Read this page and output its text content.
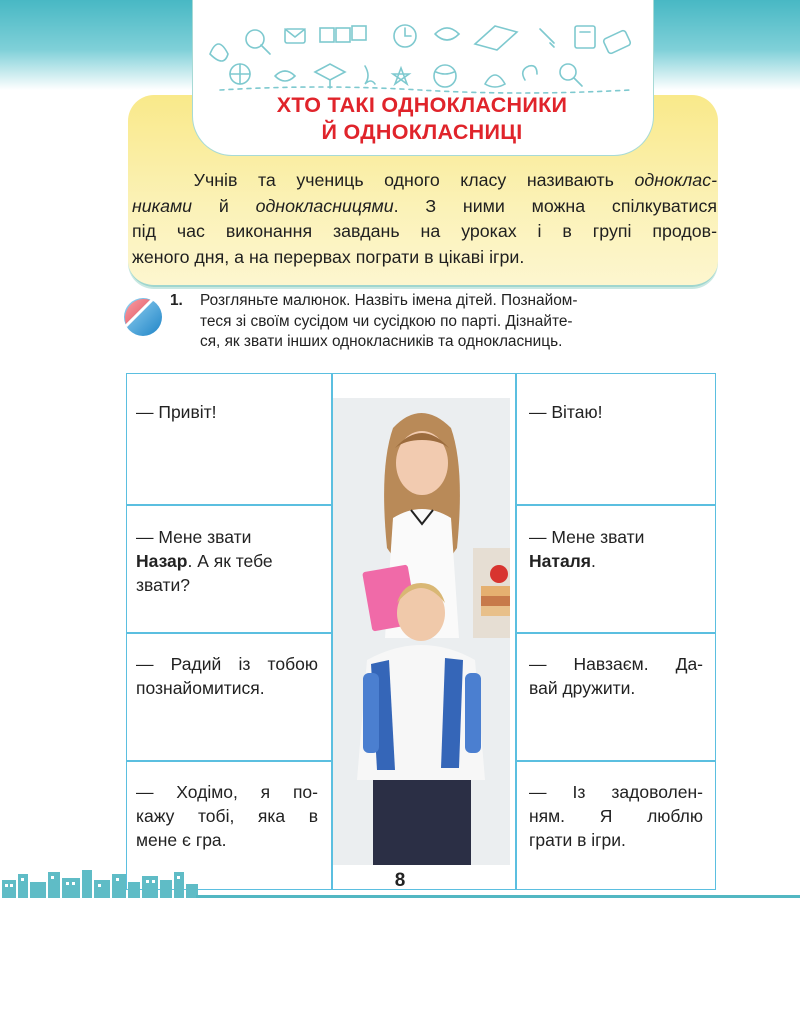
ХТО ТАКІ ОДНОКЛАСНИКИ
Й ОДНОКЛАСНИЦІ
Учнів та учениць одного класу називають однoклас-
никами й однокласницями. З ними можна спілкуватися
під час виконання завдань на уроках і в групі продов-
женого дня, а на перервах пограти в цікаві ігри.
1. Розгляньте малюнок. Назвіть імена дітей. Познайом-
теся зі своїм сусідом чи сусідкою по парті. Дізнайте-
ся, як звати інших однокласників та однокласниць.
— Привіт!
— Мене звати
Назар. А як тебе
звати?
— Радий із тобою
познайомитися.
— Ходімо, я по-
кажу тобі, яка в
мене є гра.
— Вітаю!
— Мене звати
Наталя.
— Навзаєм. Да-
вай дружити.
— Із задоволен-
ням. Я люблю
грати в ігри.
8
